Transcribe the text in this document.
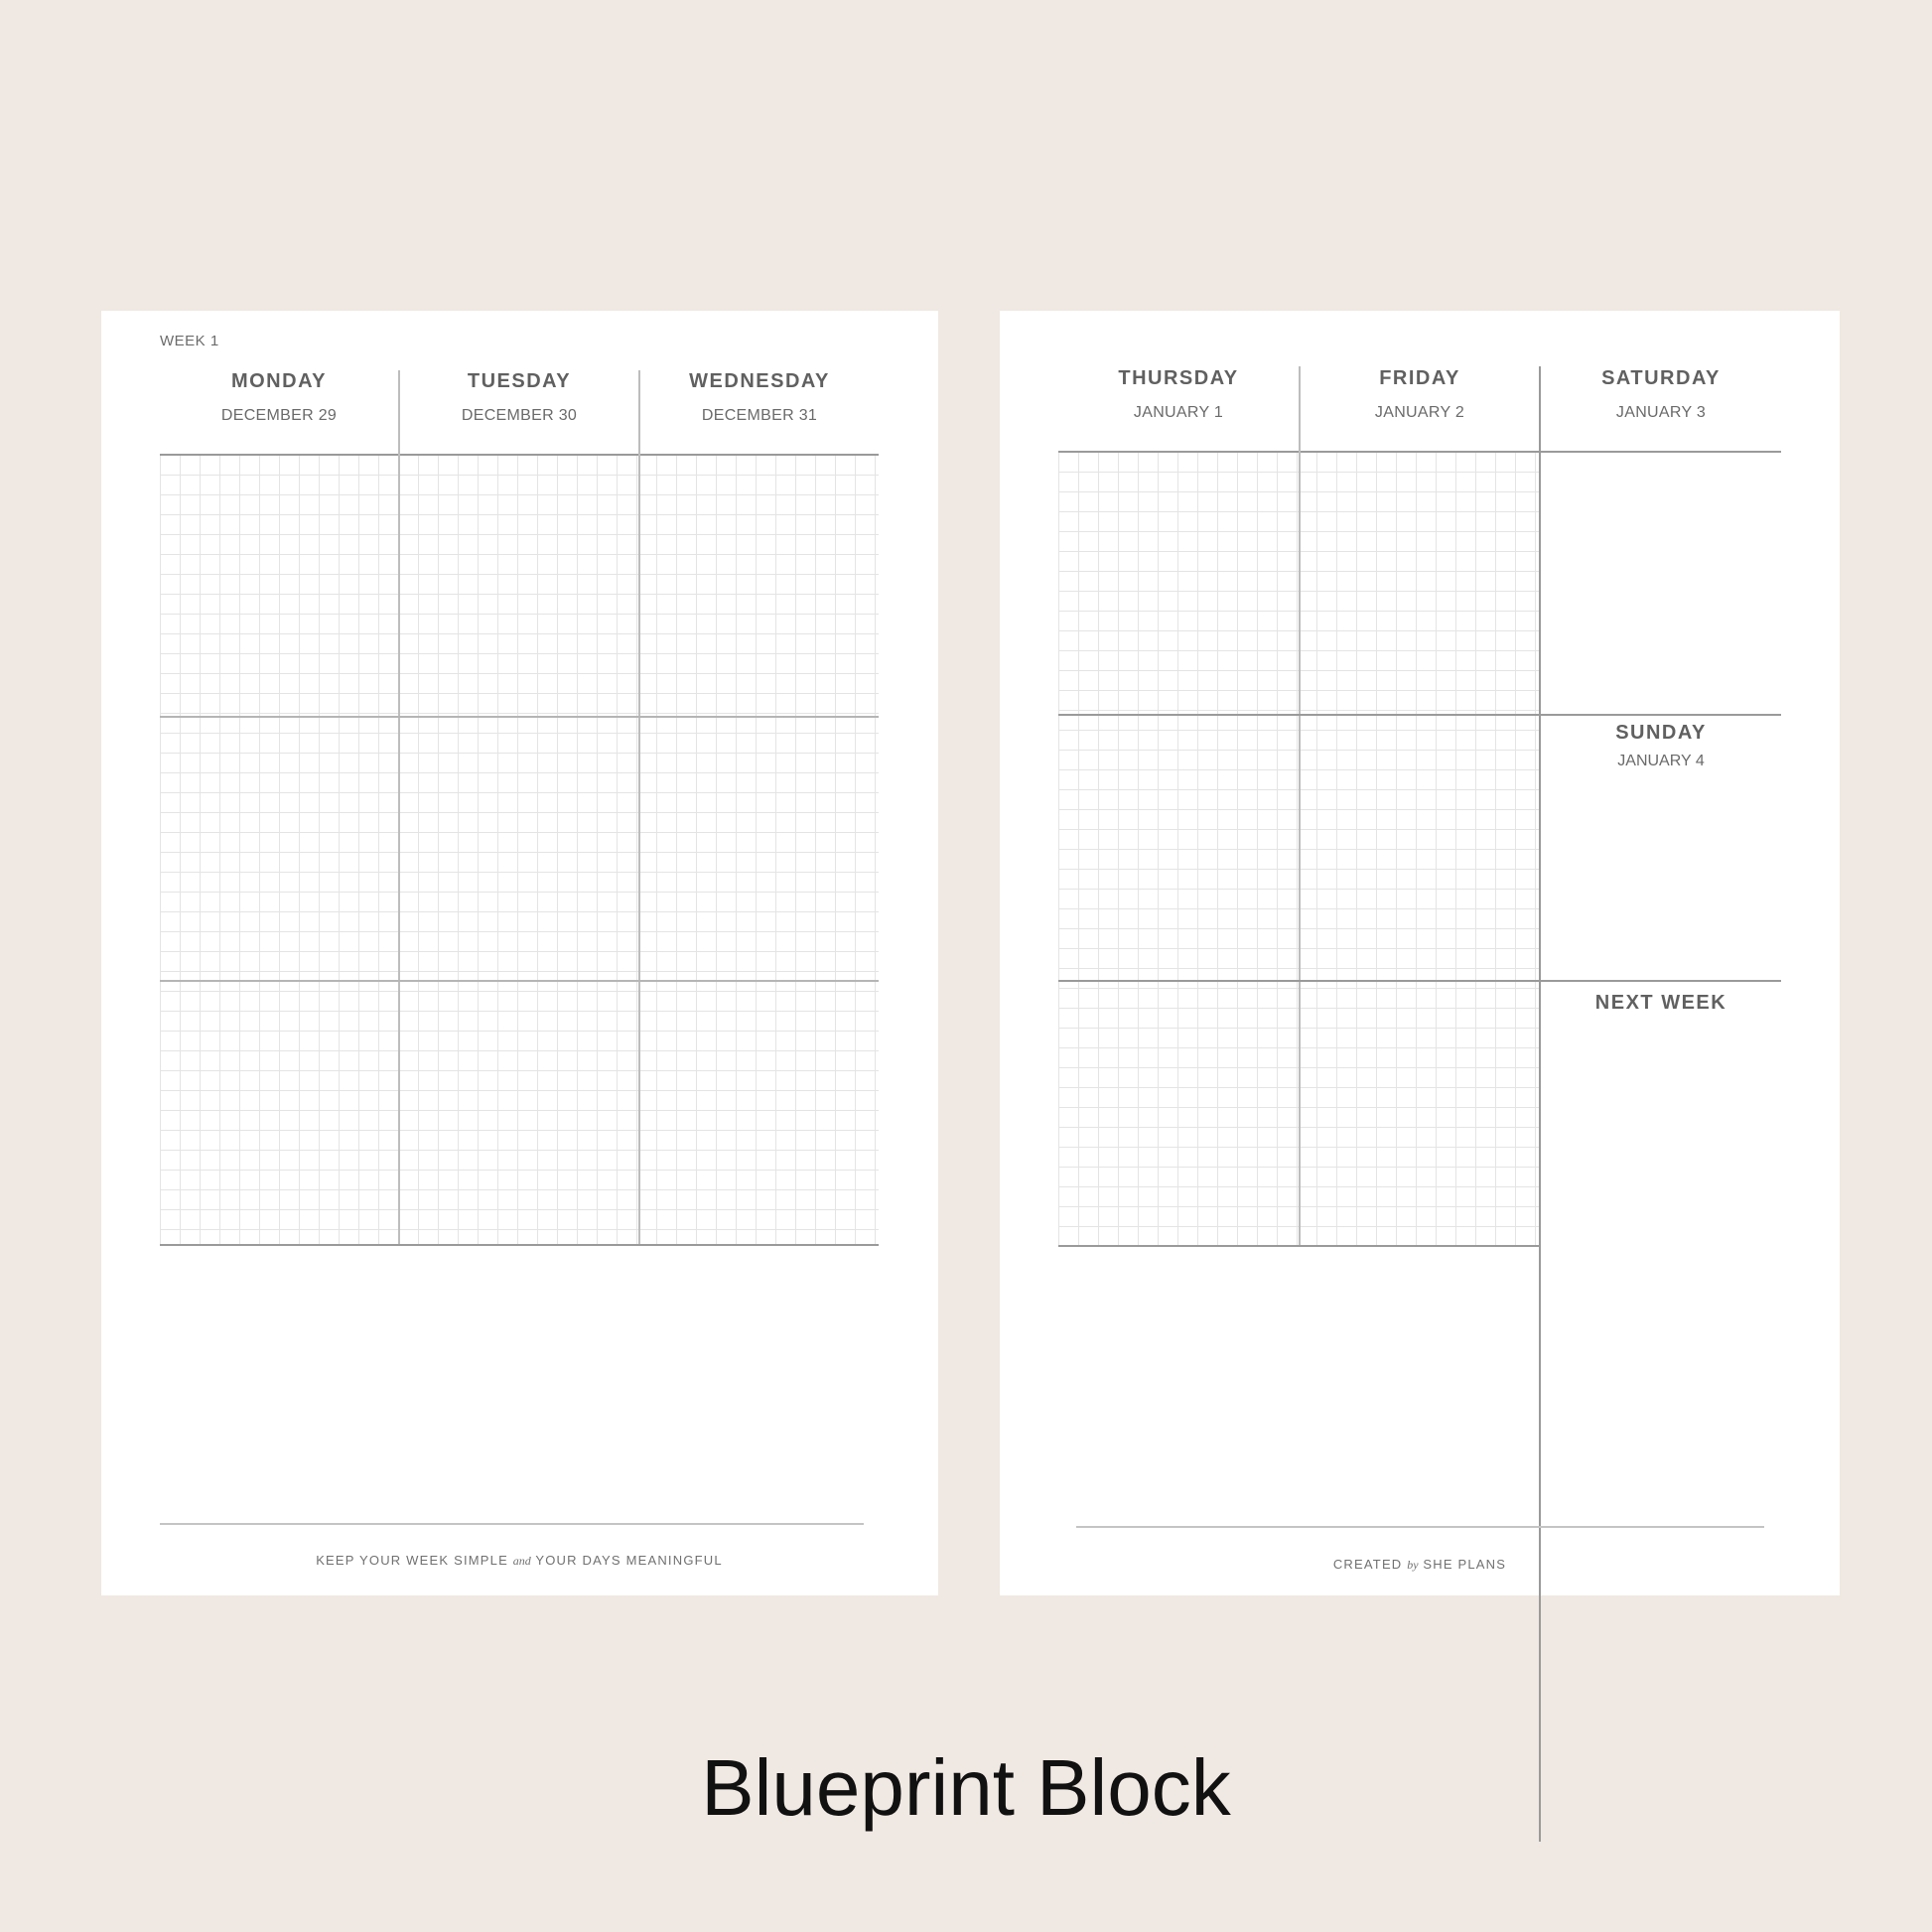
WEEK 1
MONDAY
DECEMBER 29
TUESDAY
DECEMBER 30
WEDNESDAY
DECEMBER 31
KEEP YOUR WEEK SIMPLE and YOUR DAYS MEANINGFUL
THURSDAY
JANUARY 1
FRIDAY
JANUARY 2
SATURDAY
JANUARY 3
SUNDAY
JANUARY 4
NEXT WEEK
CREATED by SHE PLANS
Blueprint Block
